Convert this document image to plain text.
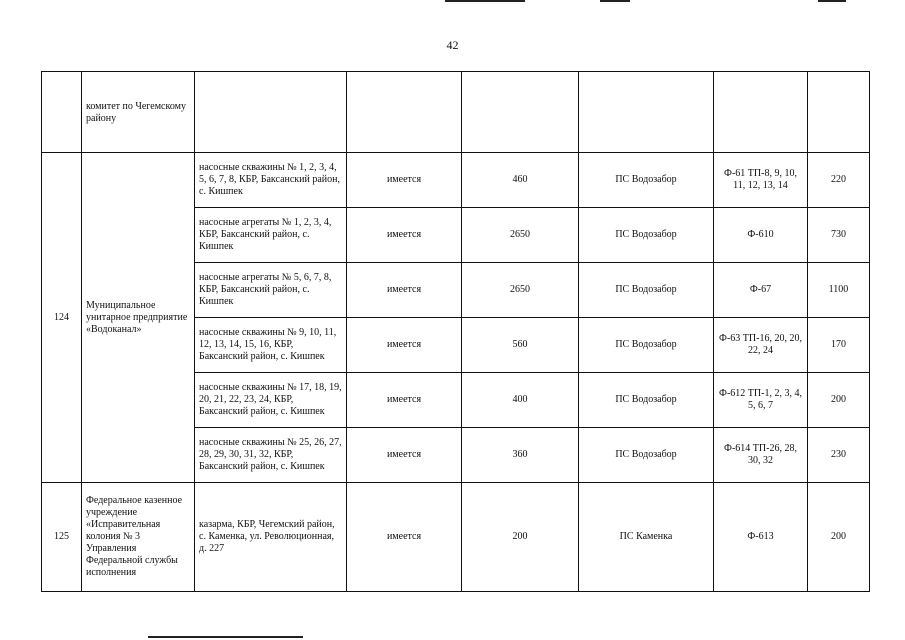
42
	комитет по Чегемскому району						
124	Муниципальное унитарное предприятие «Водоканал»	насосные скважины № 1, 2, 3, 4, 5, 6, 7, 8, КБР, Баксанский район, с. Кишпек	имеется	460	ПС Водозабор	Ф-61 ТП-8, 9, 10, 11, 12, 13, 14	220
		насосные агрегаты № 1, 2, 3, 4, КБР, Баксанский район, с. Кишпек	имеется	2650	ПС Водозабор	Ф-610	730
		насосные агрегаты № 5, 6, 7, 8, КБР, Баксанский район, с. Кишпек	имеется	2650	ПС Водозабор	Ф-67	1100
		насосные скважины № 9, 10, 11, 12, 13, 14, 15, 16, КБР, Баксанский район, с. Кишпек	имеется	560	ПС Водозабор	Ф-63 ТП-16, 20, 20, 22, 24	170
		насосные скважины № 17, 18, 19, 20, 21, 22, 23, 24, КБР, Баксанский район, с. Кишпек	имеется	400	ПС Водозабор	Ф-612 ТП-1, 2, 3, 4, 5, 6, 7	200
		насосные скважины № 25, 26, 27, 28, 29, 30, 31, 32, КБР, Баксанский район, с. Кишпек	имеется	360	ПС Водозабор	Ф-614 ТП-26, 28, 30, 32	230
125	Федеральное казенное учреждение «Исправительная колония № 3 Управления Федеральной службы исполнения	казарма, КБР, Чегемский район, с. Каменка, ул. Революционная, д. 227	имеется	200	ПС Каменка	Ф-613	200
